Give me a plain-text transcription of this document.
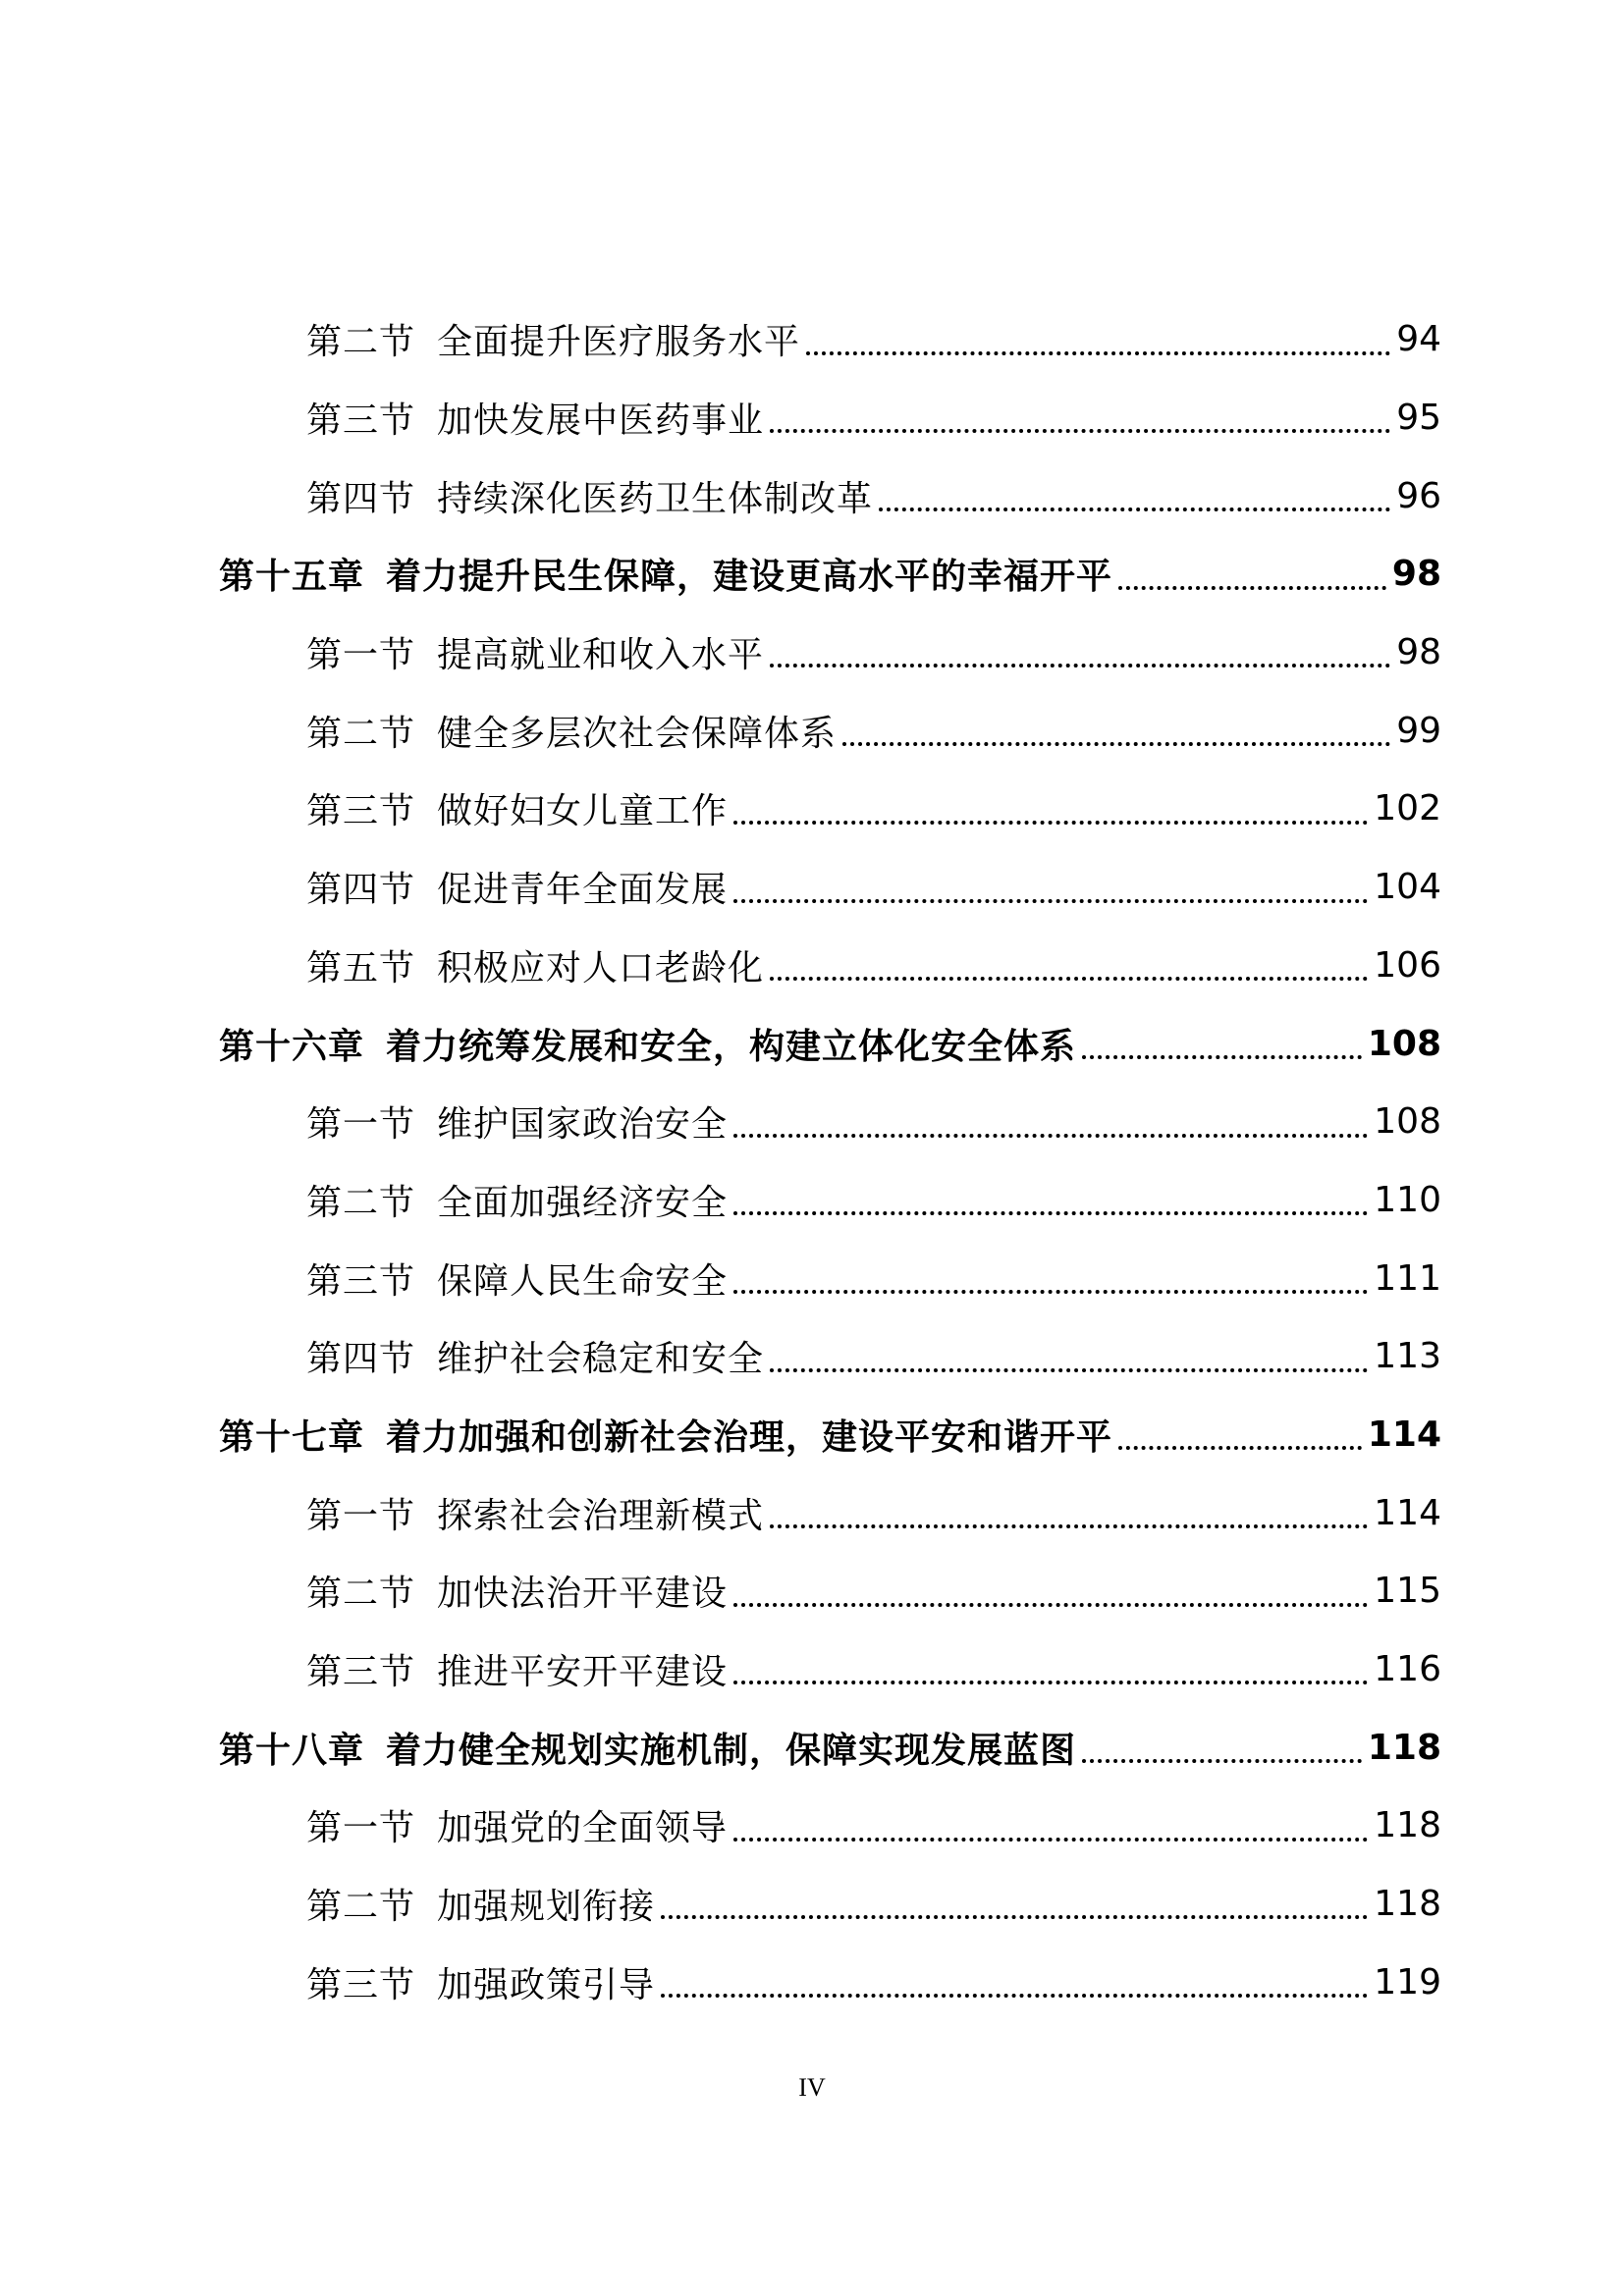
第二节 全面提升医疗服务水平	94
第三节 加快发展中医药事业	95
第四节 持续深化医药卫生体制改革	96
第十五章 着力提升民生保障，建设更高水平的幸福开平	98
第一节 提高就业和收入水平	98
第二节 健全多层次社会保障体系	99
第三节 做好妇女儿童工作	102
第四节 促进青年全面发展	104
第五节 积极应对人口老龄化	106
第十六章 着力统筹发展和安全，构建立体化安全体系	108
第一节 维护国家政治安全	108
第二节 全面加强经济安全	110
第三节 保障人民生命安全	111
第四节 维护社会稳定和安全	113
第十七章 着力加强和创新社会治理，建设平安和谐开平	114
第一节 探索社会治理新模式	114
第二节 加快法治开平建设	115
第三节 推进平安开平建设	116
第十八章 着力健全规划实施机制，保障实现发展蓝图	118
第一节 加强党的全面领导	118
第二节 加强规划衔接	118
第三节 加强政策引导	119
IV
